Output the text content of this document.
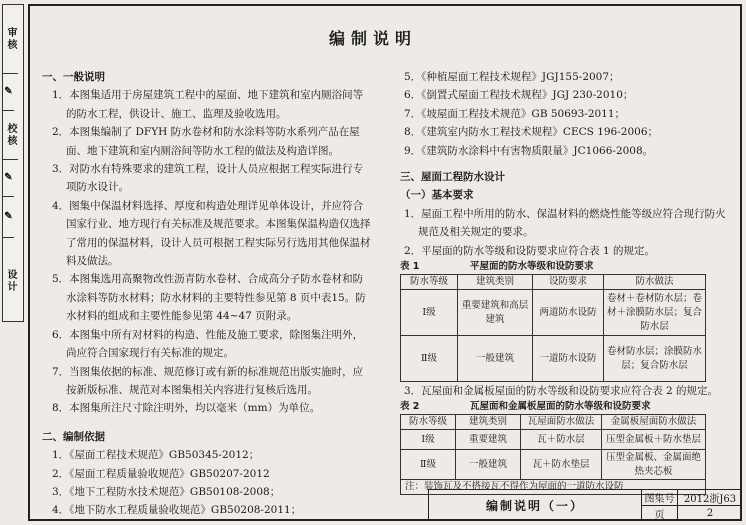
审核
✎
校核
✎
✎
设计
编制说明
一、一般说明
1．本图集适用于房屋建筑工程中的屋面、地下建筑和室内厕浴间等的防水工程，供设计、施工、监理及验收选用。
2．本图集编制了 DFYH 防水卷材和防水涂料等防水系列产品在屋面、地下建筑和室内厕浴间等防水工程的做法及构造详图。
3．对防水有特殊要求的建筑工程，设计人员应根据工程实际进行专项防水设计。
4．图集中保温材料选择、厚度和构造处理详见单体设计，并应符合国家行业、地方现行有关标准及规范要求。本图集保温构造仅选择了常用的保温材料，设计人员可根据工程实际另行选用其他保温材料及做法。
5．本图集选用高聚物改性沥青防水卷材、合成高分子防水卷材和防水涂料等防水材料；防水材料的主要特性参见第 8 页中表15。防水材料的组成和主要性能参见第 44~47 页附录。
6．本图集中所有对材料的构造、性能及施工要求，除图集注明外，尚应符合国家现行有关标准的规定。
7．当图集依据的标准、规范修订或有新的标准规范出版实施时，应按新版标准、规范对本图集相关内容进行复核后选用。
8．本图集所注尺寸除注明外，均以毫米（mm）为单位。
二、编制依据
1．《屋面工程技术规范》GB50345-2012；
2．《屋面工程质量验收规范》GB50207-2012
3．《地下工程防水技术规范》GB50108-2008；
4．《地下防水工程质量验收规范》GB50208-2011；
5．《种植屋面工程技术规程》JGJ155-2007；
6．《倒置式屋面工程技术规程》JGJ 230-2010；
7．《坡屋面工程技术规范》GB 50693-2011；
8．《建筑室内防水工程技术规程》CECS 196-2006；
9．《建筑防水涂料中有害物质限量》JC1066-2008。
三、屋面工程防水设计
（一）基本要求
1．屋面工程中所用的防水、保温材料的燃烧性能等级应符合现行防火规范及相关规定的要求。
2．平屋面的防水等级和设防要求应符合表 1 的规定。
表 1	平屋面的防水等级和设防要求
防水等级	建筑类别	设防要求	防水做法
Ⅰ级	重要建筑和高层建筑	两道防水设防	卷材＋卷材防水层；卷材＋涂膜防水层；复合防水层
Ⅱ级	一般建筑	一道防水设防	卷材防水层；涂膜防水层；复合防水层
3．瓦屋面和金属板屋面的防水等级和设防要求应符合表 2 的规定。
表 2	瓦屋面和金属板屋面的防水等级和设防要求
防水等级	建筑类别	瓦屋面防水做法	金属板屋面防水做法
Ⅰ级	重要建筑	瓦＋防水层	压型金属板＋防水垫层
Ⅱ级	一般建筑	瓦＋防水垫层	压型金属板、金属面绝热夹芯板
注：装饰瓦及不搭接瓦不得作为屋面的一道防水设防			
编制说明（一）	图集号 2012浙J63
页	2
